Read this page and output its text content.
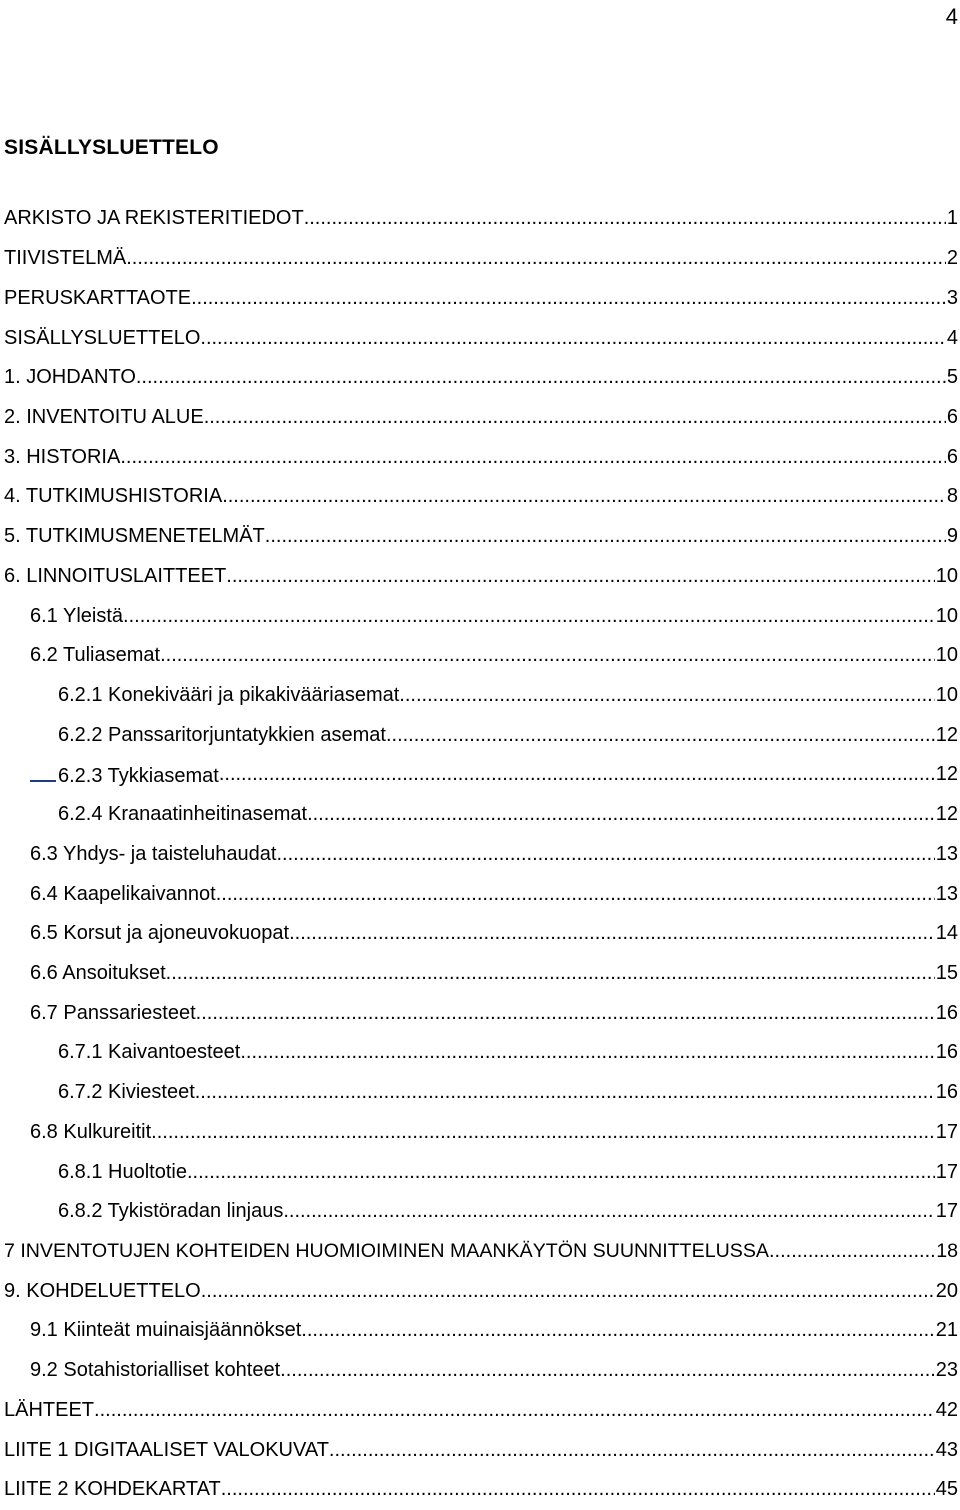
4
SISÄLLYSLUETTELO
ARKISTO JA REKISTERITIEDOT .....	1
TIIVISTELMÄ .....	2
PERUSKARTTAOTE .....	3
SISÄLLYSLUETTELO .....	4
1. JOHDANTO .....	5
2. INVENTOITU ALUE .....	6
3. HISTORIA .....	6
4. TUTKIMUSHISTORIA .....	8
5. TUTKIMUSMENETELMÄT .....	9
6. LINNOITUSLAITTEET .....	10
6.1 Yleistä .....	10
6.2 Tuliasemat .....	10
6.2.1 Konekivääri ja pikakivääriasemat .....	10
6.2.2 Panssaritorjuntatykkien asemat .....	12
6.2.3 Tykkiasemat .....	12
6.2.4 Kranaatinheitinasemat .....	12
6.3 Yhdys- ja taisteluhaudat .....	13
6.4 Kaapelikaivannot .....	13
6.5 Korsut ja ajoneuvokuopat .....	14
6.6 Ansoitukset .....	15
6.7 Panssariesteet .....	16
6.7.1 Kaivantoesteet .....	16
6.7.2 Kiviesteet .....	16
6.8 Kulkureitit .....	17
6.8.1 Huoltotie .....	17
6.8.2 Tykistöradan linjaus .....	17
7 INVENTOTUJEN KOHTEIDEN HUOMIOIMINEN MAANKÄYTÖN SUUNNITTELUSSA .....	18
9. KOHDELUETTELO .....	20
9.1 Kiinteät muinaisjäännökset .....	21
9.2 Sotahistorialliset kohteet .....	23
LÄHTEET .....	42
LIITE 1 DIGITAALISET VALOKUVAT .....	43
LIITE 2 KOHDEKARTAT .....	45
